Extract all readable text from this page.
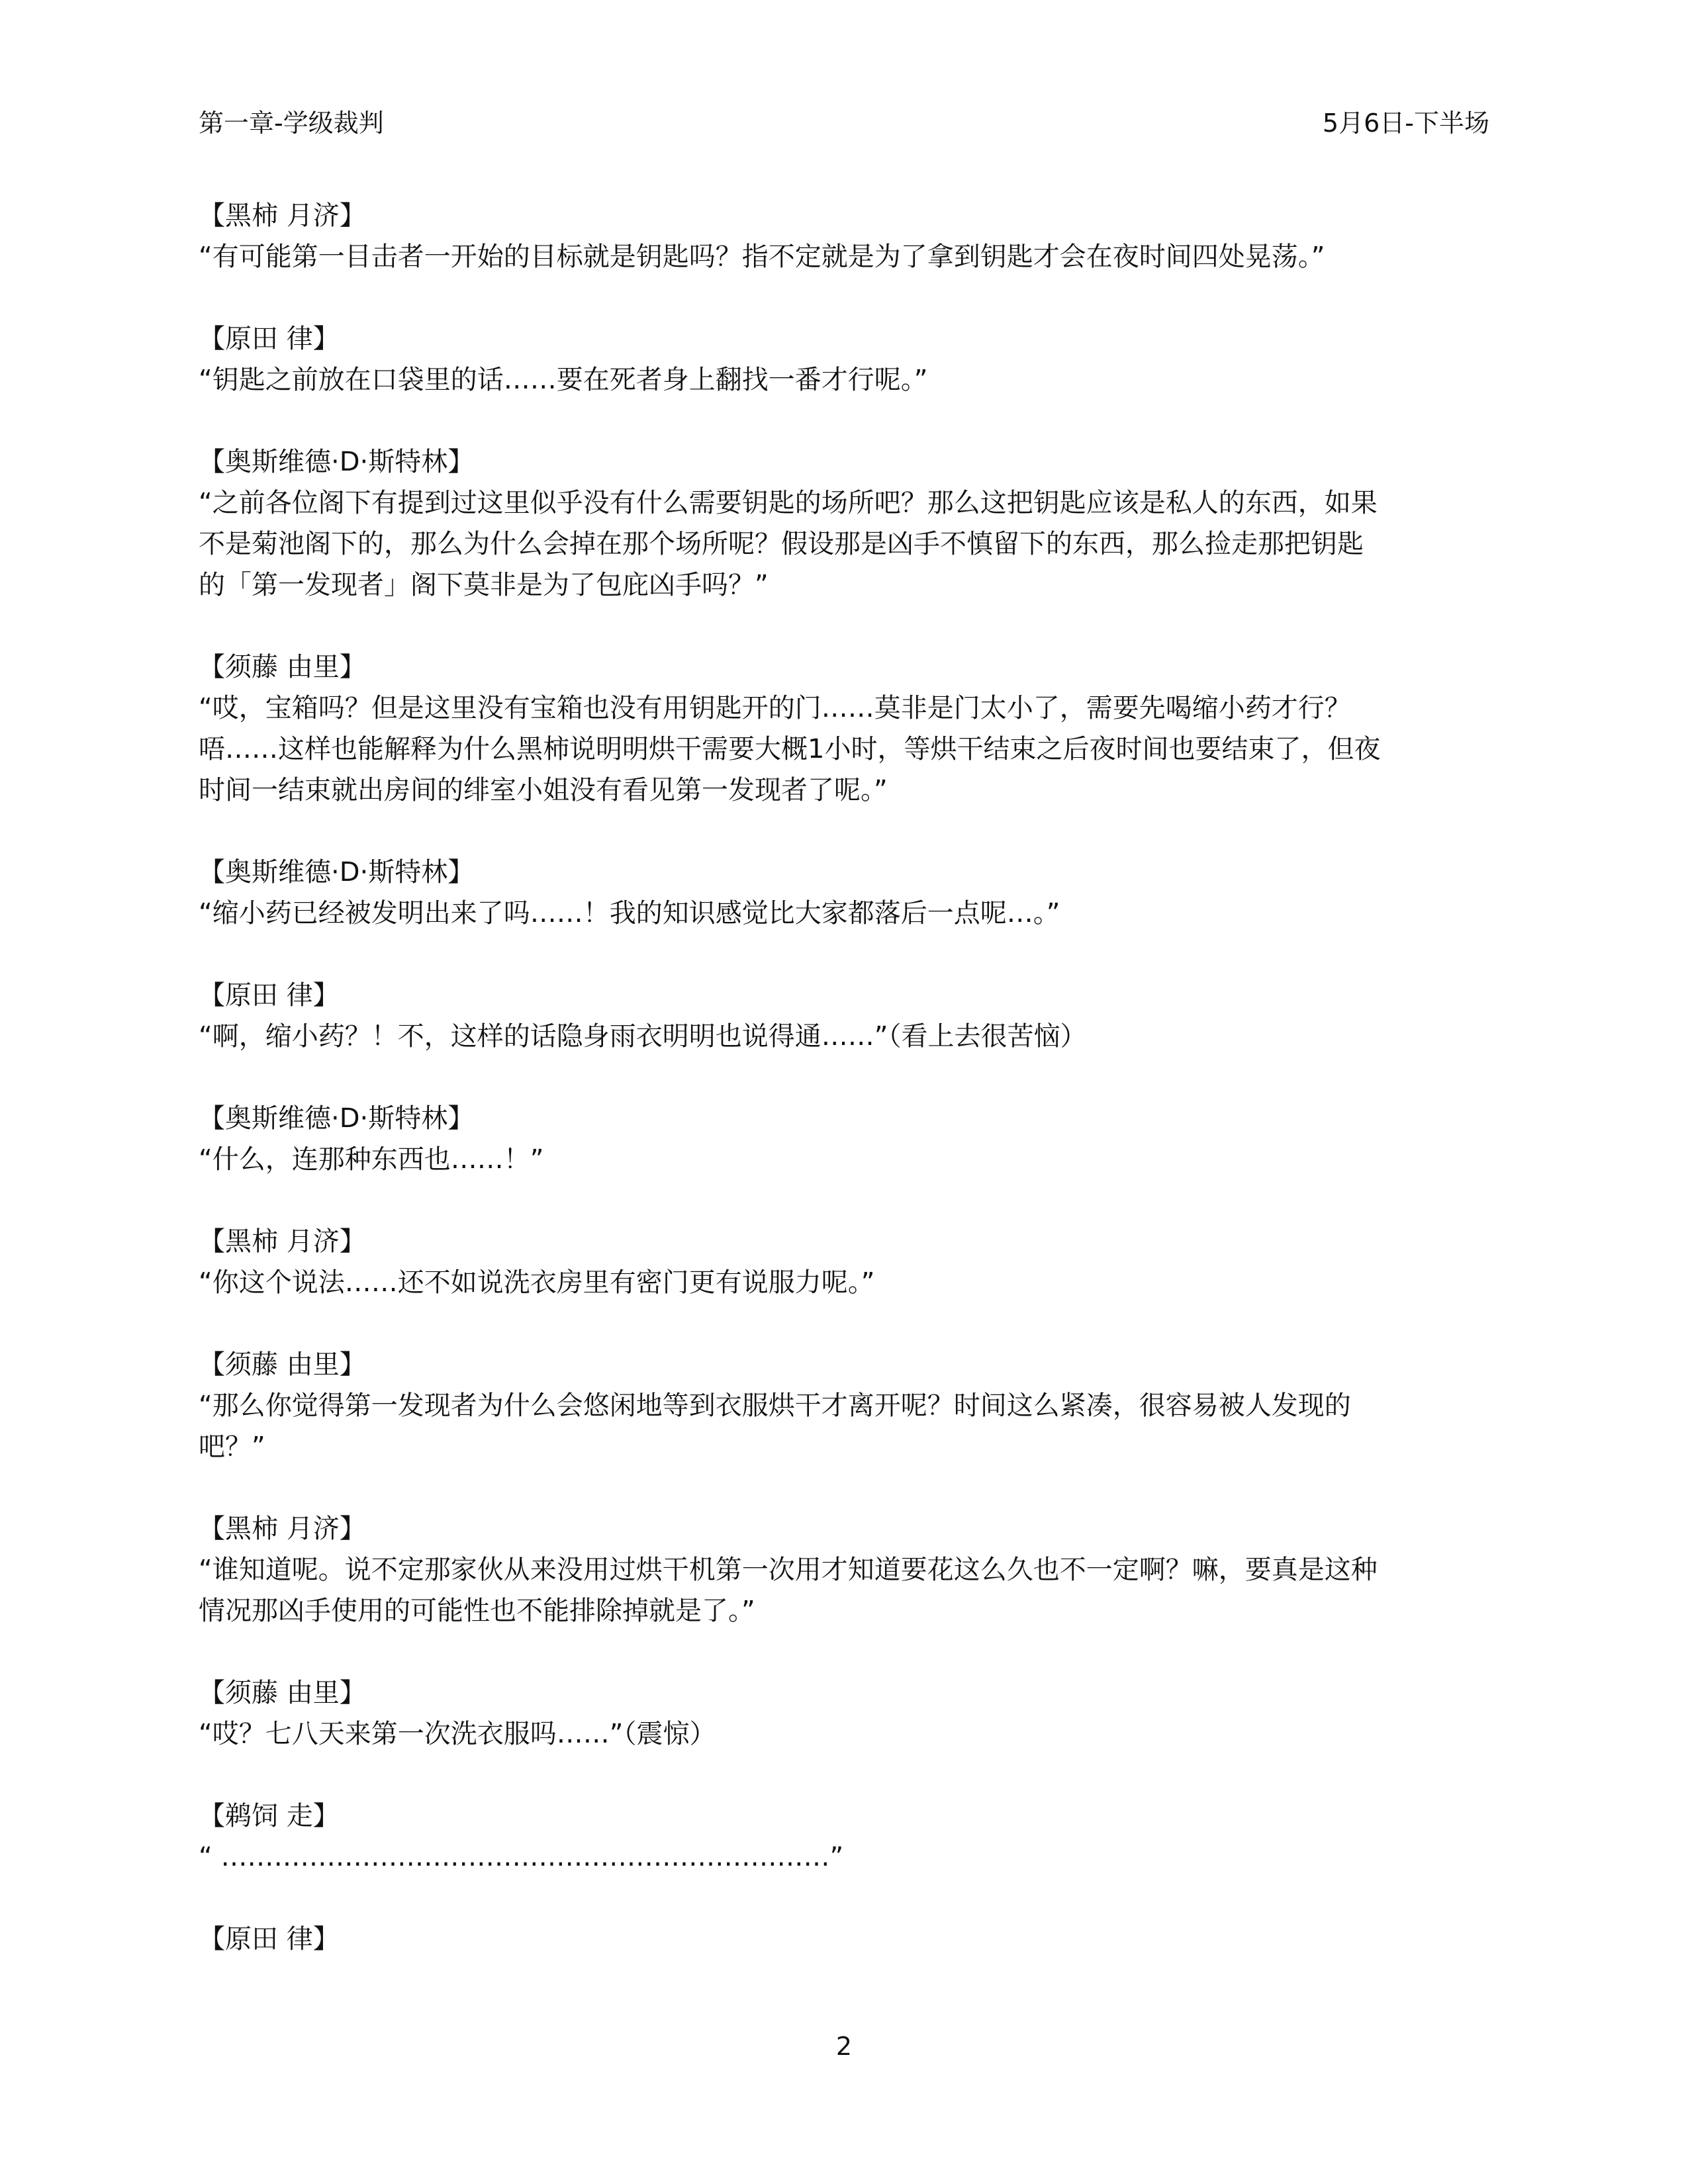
第一章-学级裁判	5月6日-下半场
【黑柿 月济】
“有可能第一目击者一开始的目标就是钥匙吗？指不定就是为了拿到钥匙才会在夜时间四处晃荡。”
【原田 律】
“钥匙之前放在口袋里的话……要在死者身上翻找一番才行呢。”
【奥斯维德·D·斯特林】
“之前各位阁下有提到过这里似乎没有什么需要钥匙的场所吧？那么这把钥匙应该是私人的东西，如果
不是菊池阁下的，那么为什么会掉在那个场所呢？假设那是凶手不慎留下的东西，那么捡走那把钥匙
的「第一发现者」阁下莫非是为了包庇凶手吗？”
【须藤 由里】
“哎，宝箱吗？但是这里没有宝箱也没有用钥匙开的门……莫非是门太小了，需要先喝缩小药才行？
唔……这样也能解释为什么黑柿说明明烘干需要大概1小时，等烘干结束之后夜时间也要结束了，但夜
时间一结束就出房间的绯室小姐没有看见第一发现者了呢。”
【奥斯维德·D·斯特林】
“缩小药已经被发明出来了吗……！我的知识感觉比大家都落后一点呢…。”
【原田 律】
“啊，缩小药？！不，这样的话隐身雨衣明明也说得通……”（看上去很苦恼）
【奥斯维德·D·斯特林】
“什么，连那种东西也……！”
【黑柿 月济】
“你这个说法……还不如说洗衣房里有密门更有说服力呢。”
【须藤 由里】
“那么你觉得第一发现者为什么会悠闲地等到衣服烘干才离开呢？时间这么紧凑，很容易被人发现的
吧？”
【黑柿 月济】
“谁知道呢。说不定那家伙从来没用过烘干机第一次用才知道要花这么久也不一定啊？嘛，要真是这种
情况那凶手使用的可能性也不能排除掉就是了。”
【须藤 由里】
“哎？七八天来第一次洗衣服吗……”（震惊）
【鹈饲 走】
“ ……………………………………………………………”
【原田 律】
2
